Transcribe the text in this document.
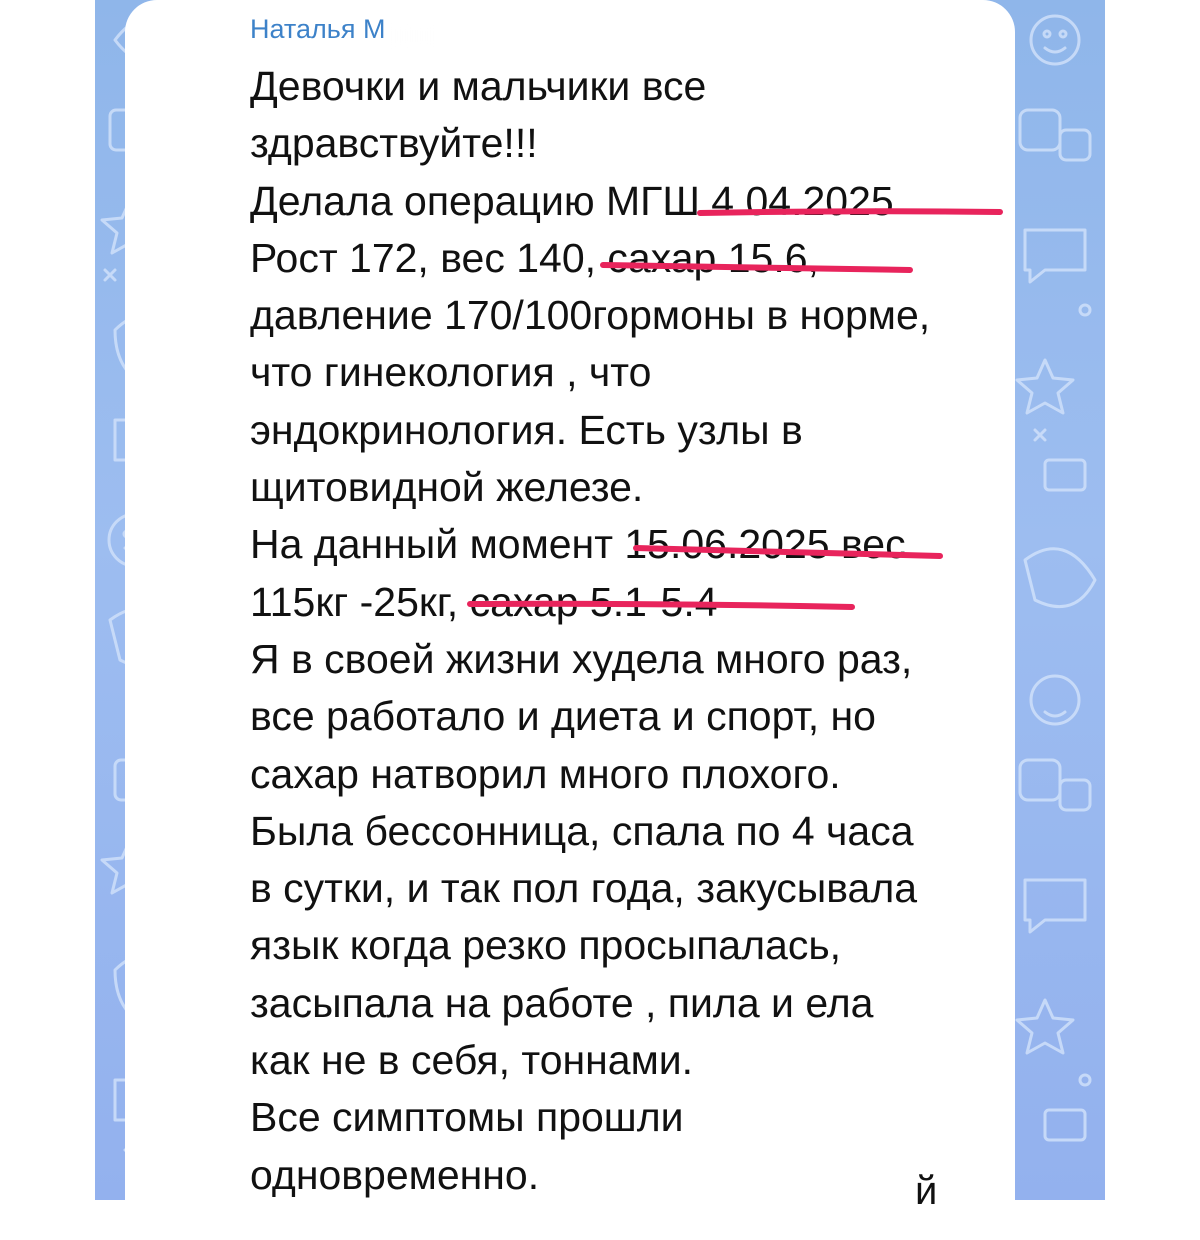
Наталья М
Девочки и мальчики все
здравствуйте!!!
Делала операцию МГШ 4.04.2025
Рост 172, вес 140, сахар 15.6,
давление 170/100гормоны в норме,
что гинекология , что
эндокринология. Есть узлы в
щитовидной железе.
На данный момент 15.06.2025 вес
115кг -25кг, сахар 5.1-5.4
Я в своей жизни худела много раз,
все работало и диета и спорт, но
сахар натворил много плохого.
Была бессонница, спала по 4 часа
в сутки, и так пол года, закусывала
язык когда резко просыпалась,
засыпала на работе , пила и ела
как не в себя, тоннами.
Все симптомы прошли
одновременно.	й
